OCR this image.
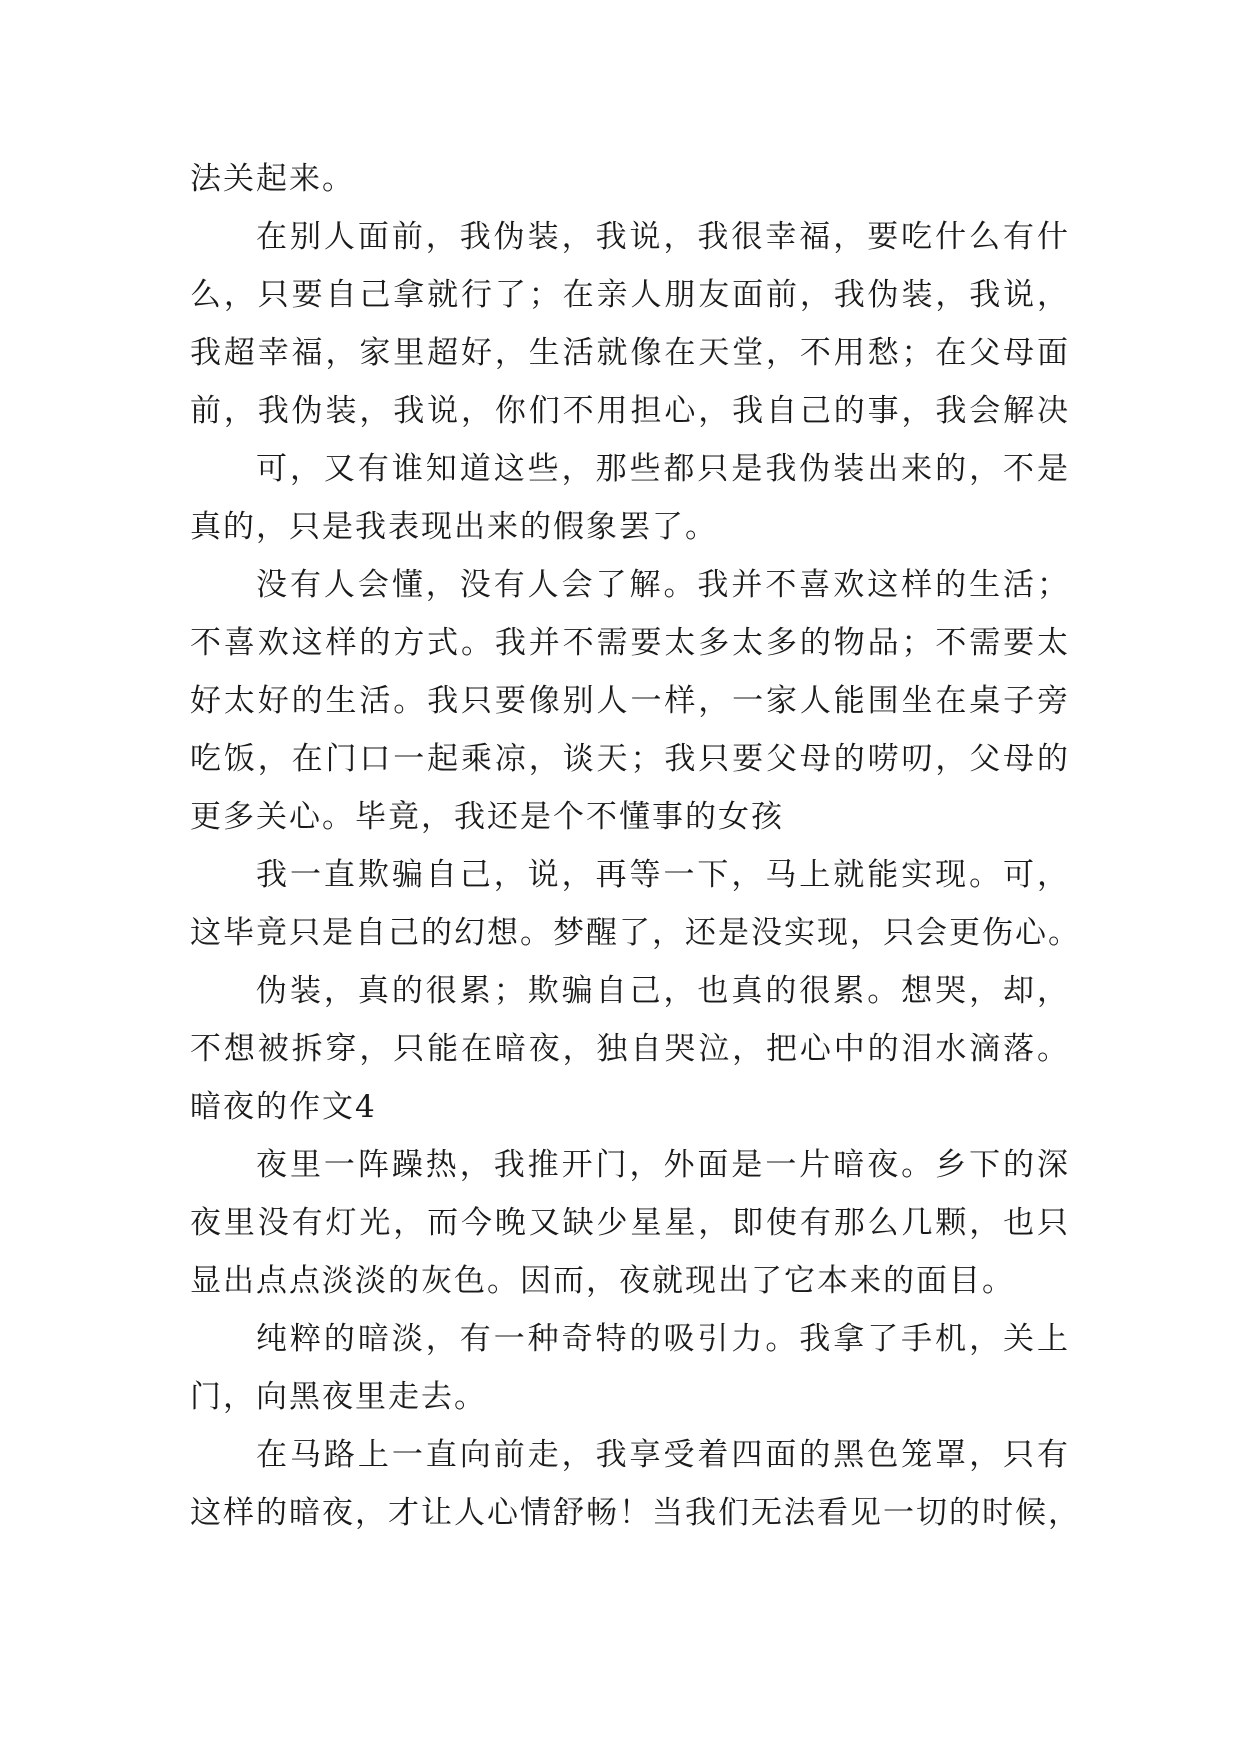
法关起来。
在别人面前，我伪装，我说，我很幸福，要吃什么有什
么，只要自己拿就行了；在亲人朋友面前，我伪装，我说，
我超幸福，家里超好，生活就像在天堂，不用愁；在父母面
前，我伪装，我说，你们不用担心，我自己的事，我会解决
可，又有谁知道这些，那些都只是我伪装出来的，不是
真的，只是我表现出来的假象罢了。
没有人会懂，没有人会了解。我并不喜欢这样的生活；
不喜欢这样的方式。我并不需要太多太多的物品；不需要太
好太好的生活。我只要像别人一样，一家人能围坐在桌子旁
吃饭，在门口一起乘凉，谈天；我只要父母的唠叨，父母的
更多关心。毕竟，我还是个不懂事的女孩
我一直欺骗自己，说，再等一下，马上就能实现。可，
这毕竟只是自己的幻想。梦醒了，还是没实现，只会更伤心。
伪装，真的很累；欺骗自己，也真的很累。想哭，却，
不想被拆穿，只能在暗夜，独自哭泣，把心中的泪水滴落。
暗夜的作文4
夜里一阵躁热，我推开门，外面是一片暗夜。乡下的深
夜里没有灯光，而今晚又缺少星星，即使有那么几颗，也只
显出点点淡淡的灰色。因而，夜就现出了它本来的面目。
纯粹的暗淡，有一种奇特的吸引力。我拿了手机，关上
门，向黑夜里走去。
在马路上一直向前走，我享受着四面的黑色笼罩，只有
这样的暗夜，才让人心情舒畅！当我们无法看见一切的时候，
